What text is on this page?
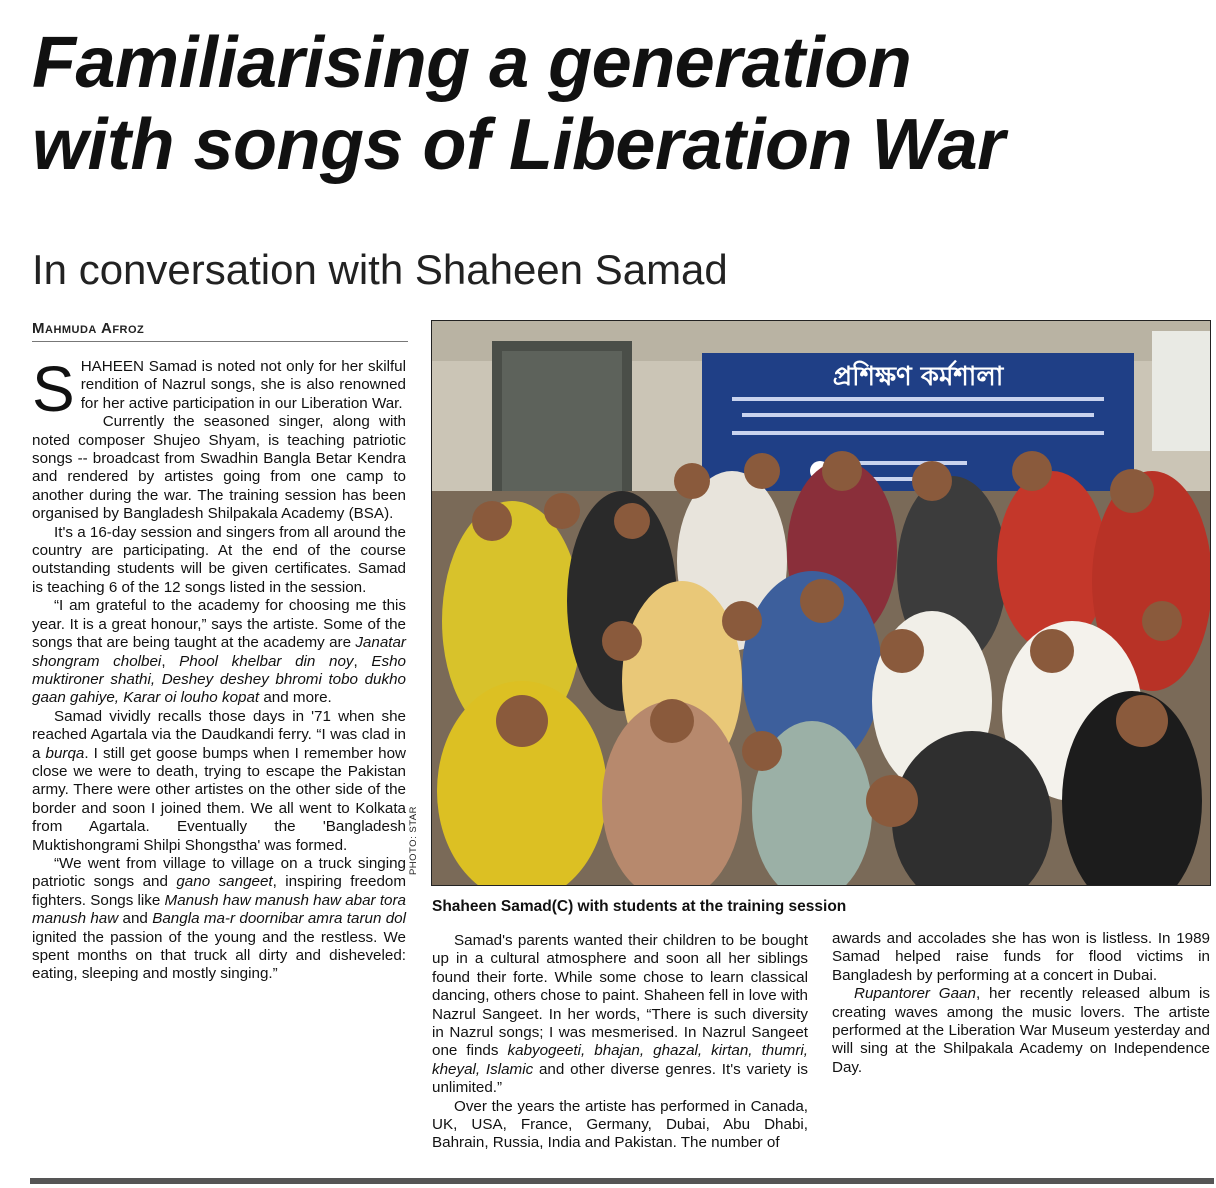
Familiarising a generation
with songs of Liberation War
In conversation with Shaheen Samad
Mahmuda Afroz

SHAHEEN Samad is noted not only for her skilful rendition of Nazrul songs, she is also renowned for her active participation in our Liberation War.

Currently the seasoned singer, along with noted composer Shujeo Shyam, is teaching patriotic songs -- broadcast from Swadhin Bangla Betar Kendra and rendered by artistes going from one camp to another during the war. The training session has been organised by Bangladesh Shilpakala Academy (BSA).

It's a 16-day session and singers from all around the country are participating. At the end of the course outstanding students will be given certificates. Samad is teaching 6 of the 12 songs listed in the session.

“I am grateful to the academy for choosing me this year. It is a great honour,” says the artiste. Some of the songs that are being taught at the academy are Janatar shongram cholbei, Phool khelbar din noy, Esho muktironer shathi, Deshey deshey bhromi tobo dukho gaan gahiye, Karar oi louho kopat and more.

Samad vividly recalls those days in '71 when she reached Agartala via the Daudkandi ferry. “I was clad in a burqa. I still get goose bumps when I remember how close we were to death, trying to escape the Pakistan army. There were other artistes on the other side of the border and soon I joined them. We all went to Kolkata from Agartala. Eventually the 'Bangladesh Muktishongrami Shilpi Shongstha' was formed.

“We went from village to village on a truck singing patriotic songs and gano sangeet, inspiring freedom fighters. Songs like Manush haw manush haw abar tora manush haw and Bangla ma-r doornibar amra tarun dol ignited the passion of the young and the restless. We spent months on that truck all dirty and disheveled: eating, sleeping and mostly singing.”

প্রশিক্ষণ কর্মশালা
PHOTO: STAR
Shaheen Samad(C) with students at the training session

Samad's parents wanted their children to be bought up in a cultural atmosphere and soon all her siblings found their forte. While some chose to learn classical dancing, others chose to paint. Shaheen fell in love with Nazrul Sangeet. In her words, “There is such diversity in Nazrul songs; I was mesmerised. In Nazrul Sangeet one finds kabyogeeti, bhajan, ghazal, kirtan, thumri, kheyal, Islamic and other diverse genres. It's variety is unlimited.”

Over the years the artiste has performed in Canada, UK, USA, France, Germany, Dubai, Abu Dhabi, Bahrain, Russia, India and Pakistan. The number of

awards and accolades she has won is listless. In 1989 Samad helped raise funds for flood victims in Bangladesh by performing at a concert in Dubai.

Rupantorer Gaan, her recently released album is creating waves among the music lovers. The artiste performed at the Liberation War Museum yesterday and will sing at the Shilpakala Academy on Independence Day.
